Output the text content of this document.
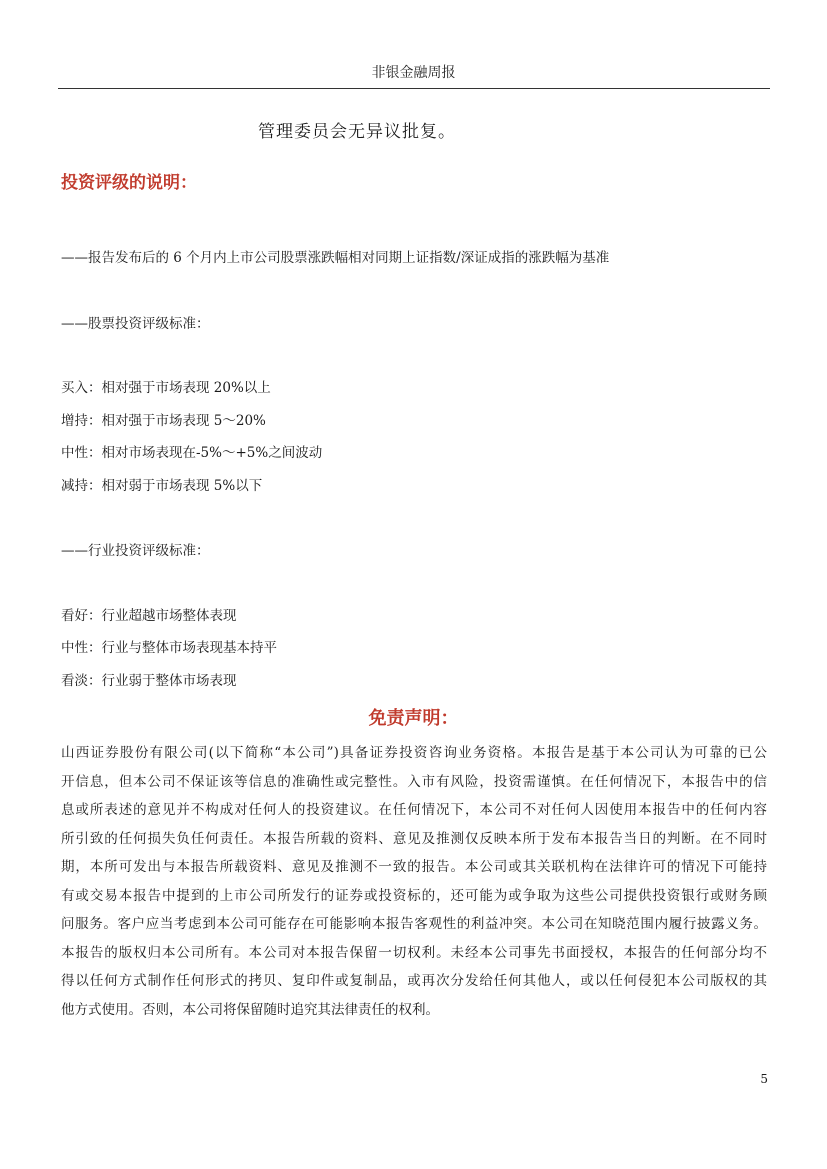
非银金融周报
管理委员会无异议批复。
投资评级的说明：
——报告发布后的 6 个月内上市公司股票涨跌幅相对同期上证指数/深证成指的涨跌幅为基准
——股票投资评级标准：
买入：相对强于市场表现 20%以上
增持：相对强于市场表现 5～20%
中性：相对市场表现在-5%～+5%之间波动
减持：相对弱于市场表现 5%以下
——行业投资评级标准：
看好：行业超越市场整体表现
中性：行业与整体市场表现基本持平
看淡：行业弱于整体市场表现
免责声明：
山西证券股份有限公司(以下简称“本公司”)具备证券投资咨询业务资格。本报告是基于本公司认为可靠的已公
开信息，但本公司不保证该等信息的准确性或完整性。入市有风险，投资需谨慎。在任何情况下，本报告中的信
息或所表述的意见并不构成对任何人的投资建议。在任何情况下，本公司不对任何人因使用本报告中的任何内容
所引致的任何损失负任何责任。本报告所载的资料、意见及推测仅反映本所于发布本报告当日的判断。在不同时
期，本所可发出与本报告所载资料、意见及推测不一致的报告。本公司或其关联机构在法律许可的情况下可能持
有或交易本报告中提到的上市公司所发行的证券或投资标的，还可能为或争取为这些公司提供投资银行或财务顾
问服务。客户应当考虑到本公司可能存在可能影响本报告客观性的利益冲突。本公司在知晓范围内履行披露义务。
本报告的版权归本公司所有。本公司对本报告保留一切权利。未经本公司事先书面授权，本报告的任何部分均不
得以任何方式制作任何形式的拷贝、复印件或复制品，或再次分发给任何其他人，或以任何侵犯本公司版权的其
他方式使用。否则，本公司将保留随时追究其法律责任的权利。
5
